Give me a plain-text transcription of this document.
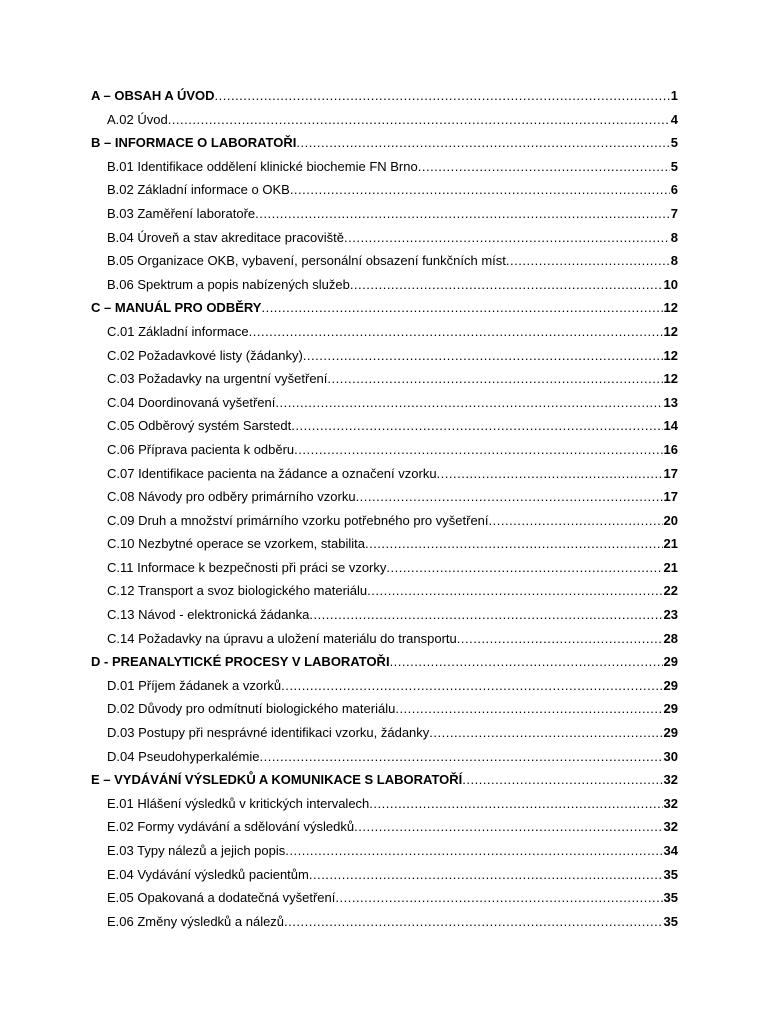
A – OBSAH A ÚVOD .....	1
A.02 Úvod .....	4
B – INFORMACE O LABORATOŘI .....	5
B.01 Identifikace oddělení klinické biochemie FN Brno .....	5
B.02 Základní informace o OKB .....	6
B.03 Zaměření laboratoře .....	7
B.04 Úroveň a stav akreditace pracoviště .....	8
B.05 Organizace OKB, vybavení, personální obsazení funkčních míst .....	8
B.06 Spektrum a popis nabízených služeb .....	10
C – MANUÁL PRO ODBĚRY .....	12
C.01 Základní informace .....	12
C.02 Požadavkové listy (žádanky) .....	12
C.03 Požadavky na urgentní vyšetření .....	12
C.04 Doordinovaná vyšetření .....	13
C.05 Odběrový systém Sarstedt .....	14
C.06 Příprava pacienta k odběru .....	16
C.07 Identifikace pacienta na žádance a označení vzorku .....	17
C.08 Návody pro odběry primárního vzorku .....	17
C.09 Druh a množství primárního vzorku potřebného pro vyšetření .....	20
C.10 Nezbytné operace se vzorkem, stabilita .....	21
C.11 Informace k bezpečnosti při práci se vzorky .....	21
C.12 Transport a svoz biologického materiálu .....	22
C.13 Návod - elektronická žádanka .....	23
C.14 Požadavky na úpravu a uložení materiálu do transportu .....	28
D - PREANALYTICKÉ PROCESY V LABORATOŘI .....	29
D.01 Příjem žádanek a vzorků .....	29
D.02 Důvody pro odmítnutí biologického materiálu .....	29
D.03 Postupy při nesprávné identifikaci vzorku, žádanky .....	29
D.04 Pseudohyperkalémie .....	30
E – VYDÁVÁNÍ VÝSLEDKŮ A KOMUNIKACE S LABORATOŘÍ .....	32
E.01 Hlášení výsledků v kritických intervalech .....	32
E.02 Formy vydávání a sdělování výsledků .....	32
E.03 Typy nálezů a jejich popis .....	34
E.04 Vydávání výsledků pacientům .....	35
E.05 Opakovaná a dodatečná vyšetření .....	35
E.06 Změny výsledků a nálezů .....	35
